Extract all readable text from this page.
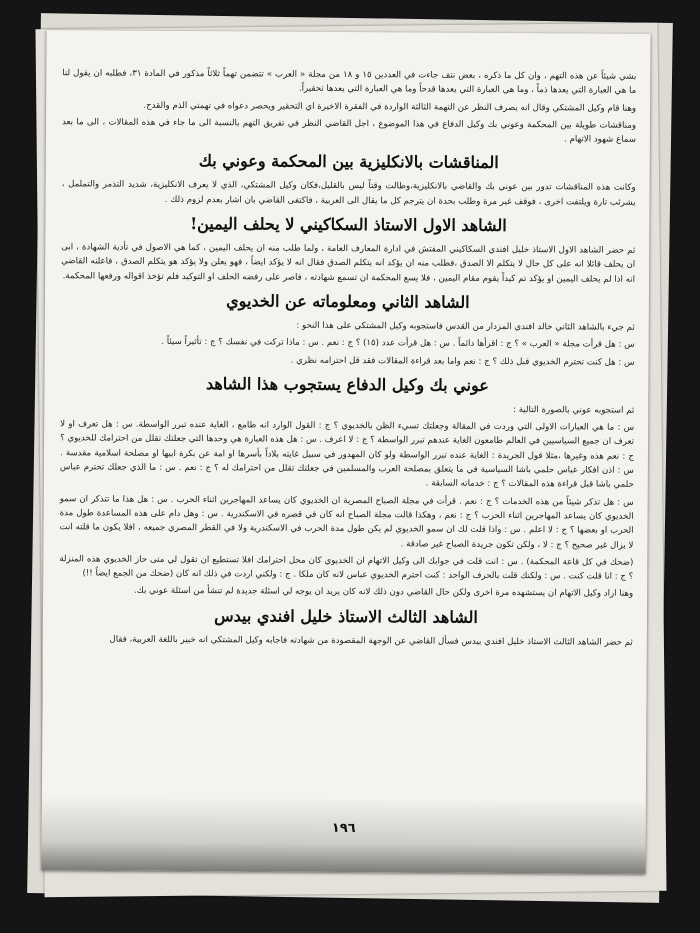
بشي شيئاً عن هذه التهم ، وان كل ما ذكره ، بعض نتف جاءت في العددين ١٥ و ١٨ من مجلة « العرب » تتضمن تهماً ثلاثاً مذكور في المادة ٣١، فطلبه ان يقول لنا ما هي العبارة التي يعدها ذماً ، وما هي العبارة التي يعدها قدحاً وما هي العبارة التي يعدها تحقيراً.

وهنا قام وكيل المشتكي وقال انه يصرف النظر عن التهمة الثالثة الواردة في الفقرة الاخيرة اي التحقير ويحصر دعواه في تهمتي الذم والقدح.

ومناقشات طويلة بين المحكمة وعوني بك وكيل الدفاع في هذا الموضوع ، اجل القاضي النظر في تفريق التهم بالنسبة الى ما جاء في هذه المقالات ، الى ما بعد سماع شهود الاتهام .

المناقشات بالانكليزية بين المحكمة وعوني بك

وكانت هذه المناقشات تدور بين عوني بك والقاضي بالانكليزية،وطالت وقتاً ليس بالقليل،فكان وكيل المشتكي، الذي لا يعرف الانكليزية، شديد التذمر والتململ ، يشرئب تارة ويلتفت اخرى ، فوقف غير مرة وطلب بحدة ان يترجم كل ما يقال الى العربية ، فاكتفى القاضي بان اشار بعدم لزوم ذلك .

الشاهد الاول الاستاذ السكاكيني لا يحلف اليمين!

ثم حضر الشاهد الاول الاستاذ خليل افندي السكاكيني المفتش في ادارة المعارف العامة ، ولما طلب منه ان يحلف اليمين ، كما هي الاصول في تأدية الشهادة ، ابى ان يحلف قائلا انه على كل حال لا يتكلم الا الصدق ،فطلب منه ان يؤكد انه يتكلم الصدق فقال انه لا يؤكد ايضاً ، فهو يعلن ولا يؤكد هو يتكلم الصدق ، فاعلنه القاضي انه اذا لم يحلف اليمين او يؤكد تم كيداً يقوم مقام اليمين ، فلا يسع المحكمة ان تسمع شهادته ، فاصر على رفضه الحلف او التوكيد فلم تؤخذ اقواله ورفعها المحكمة.

الشاهد الثاني ومعلوماته عن الخديوي

ثم جيء بالشاهد الثاني خالد افندي المزدار من القدس فاستجوبه وكيل المشتكي على هذا النحو :

س : هل قرأت مجلة « العرب » ؟ ج : اقرأها دائماً . س : هل قرأت عدد (١٥) ؟ ج : نعم . س : ماذا تركت في نفسك ؟ ج : تأثيراً سيئاً .

س : هل كنت تحترم الخديوي قبل ذلك ؟ ج : نعم واما بعد قراءة المقالات فقد قل احترامه نظري .

عوني بك وكيل الدفاع يستجوب هذا الشاهد

ثم استجوبه عوني بالصورة التالية :

س : ما هي العبارات الاولى التي وردت في المقالة وجعلتك تسيء الظن بالخديوي ؟ ج : القول الوارد انه طامع ، الغاية عنده تبرر الواسطة. س : هل تعرف او لا تعرف ان جميع السياسيين في العالم طامعون الغاية عندهم تبرر الواسطة ؟ ج : لا اعرف . س : هل هذه العبارة هي وحدها التي جعلتك تقلل من احترامك للخديوي ؟ ج : نعم هذه وغيرها ،مثلا قول الجريدة : الغاية عنده تبرر الواسطة ولو كان المهدور في سبيل غايته بلاداً بأسرها او امة عن بكرة ابيها او مصلحة اسلامية مقدسة . س : اذن افكار عباس حلمي باشا السياسية في ما يتعلق بمصلحة العرب والمسلمين في جعلتك تقلل من احترامك له ؟ ج : نعم . س : ما الذي جعلك تحترم عباس حلمي باشا قبل قراءة هذه المقالات ؟ ج : خدماته السابقة .

س : هل تذكر شيئاً من هذه الخدمات ؟ ج : نعم . قرأت في مجلة الصباح المصرية ان الخديوي كان يساعد المهاجرين اثناء الحرب . س : هل هذا ما تتذكر ان سمو الخديوي كان يساعد المهاجرين اثناء الحرب ؟ ج : نعم ، وهكذا قالت مجلة الصباح انه كان في قصره في الاسكندرية . س : وهل دام على هذه المساعدة طول مدة الحرب او بعضها ؟ ج : لا اعلم . س : واذا قلت لك ان سمو الخديوي لم يكن طول مدة الحرب في الاسكندرية ولا في القطر المصري جميعه ، افلا يكون ما قلته انت لا يزال غير صحيح ؟ ج : لا ، ولكن تكون جريدة الصباح غير صادقة .

(ضحك في كل قاعة المحكمة) . س : انت قلت في جوابك الى وكيل الاتهام ان الخديوي كان محل احترامك افلا تستطيع ان تقول لي متى حاز الخديوي هذه المنزلة ؟ ج : انا قلت كنت . س : ولكنك قلت بالحرف الواحد : كنت احترم الخديوي عباس لانه كان ملكا . ج : ولكني اردت في ذلك انه كان (ضحك من الجمع ايضاً !!)

وهنا اراد وكيل الاتهام ان يستشهده مرة اخرى ولكن حال القاضي دون ذلك لانه كان يريد ان يوجه لي اسئلة جديدة لم تنشأ من اسئلة عوني بك.

الشاهد الثالث الاستاذ خليل افندي بيدس

ثم حضر الشاهد الثالث الاستاذ خليل افندي بيدس فسأل القاضي عن الوجهة المقصودة من شهادته فاجابه وكيل المشتكي انه خبير باللغة العربية، فقال

١٩٦
